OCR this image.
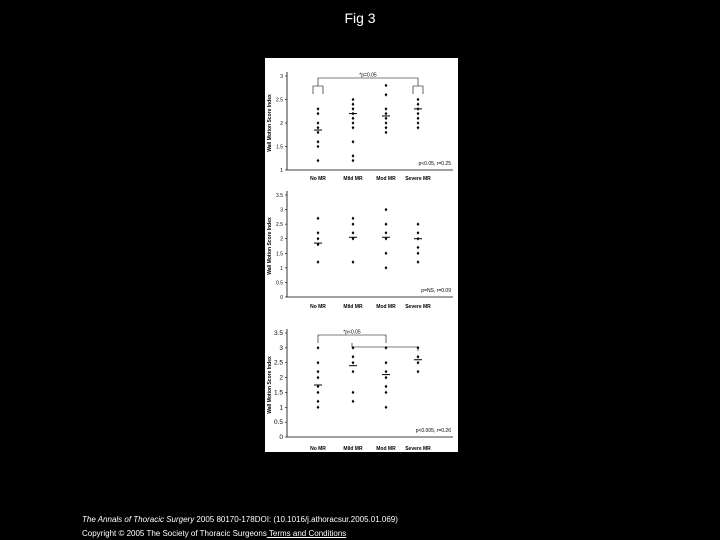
Fig 3
1
1.5
2
2.5
3
Wall Motion Score Index
No MR	Mild MR	Mod MR Severe MR
*p=0.05
p<0.05, r=0.25
0
0.5
1
1.5
2
2.5
3
3.5
Wall Motion Score Index
No MR	Mild MR	Mod MR Severe MR
p=NS, r=0.09
0
0.5
1
1.5
2
2.5
3
3.5
Wall Motion Score Index
No MR	Mild MR	Mod MR Severe MR
*p<0.05
p<0.005, r=0.26
The Annals of Thoracic Surgery 2005 80170-178DOI: (10.1016/j.athoracsur.2005.01.069)
Copyright © 2005 The Society of Thoracic Surgeons Terms and Conditions
